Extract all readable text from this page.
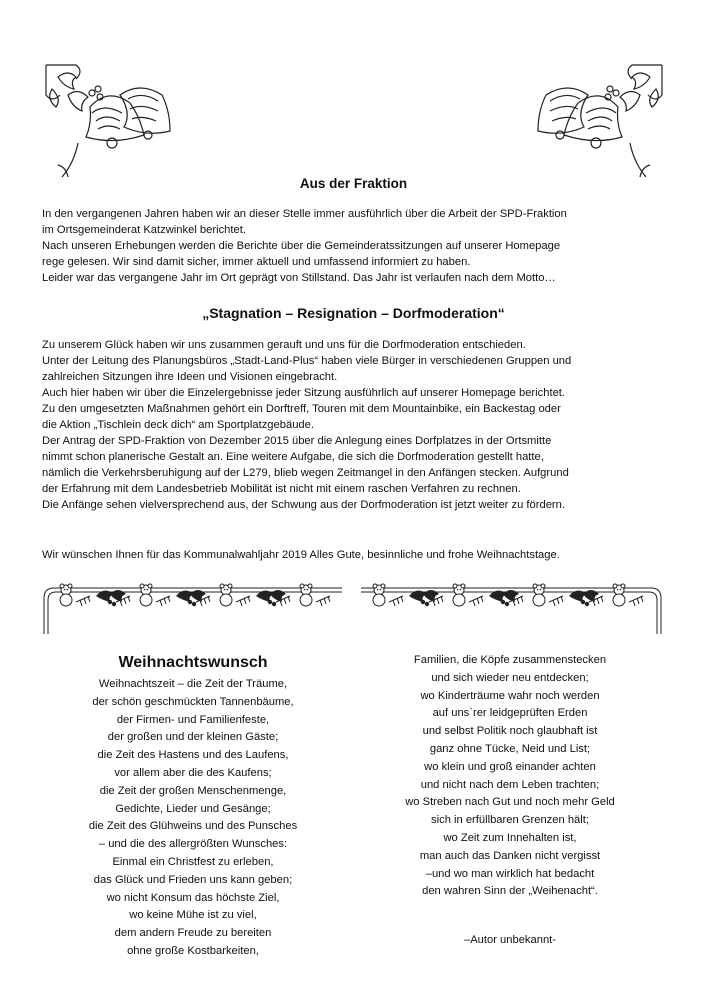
Aus der Fraktion
In den vergangenen Jahren haben wir an dieser Stelle immer ausführlich über die Arbeit der SPD-Fraktion
im Ortsgemeinderat Katzwinkel berichtet.
Nach unseren Erhebungen werden die Berichte über die Gemeinderatssitzungen auf unserer Homepage
rege gelesen. Wir sind damit sicher, immer aktuell und umfassend informiert zu haben.
Leider war das vergangene Jahr im Ort geprägt von Stillstand. Das Jahr ist verlaufen nach dem Motto…
„Stagnation – Resignation – Dorfmoderation“
Zu unserem Glück haben wir uns zusammen gerauft und uns für die Dorfmoderation entschieden.
Unter der Leitung des Planungsbüros „Stadt-Land-Plus“ haben viele Bürger in verschiedenen Gruppen und
zahlreichen Sitzungen ihre Ideen und Visionen eingebracht.
Auch hier haben wir über die Einzelergebnisse jeder Sitzung ausführlich auf unserer Homepage berichtet.
Zu den umgesetzten Maßnahmen gehört ein Dorftreff, Touren mit dem Mountainbike, ein Backestag oder
die Aktion „Tischlein deck dich“ am Sportplatzgebäude.
Der Antrag der SPD-Fraktion von Dezember 2015 über die Anlegung eines Dorfplatzes in der Ortsmitte
nimmt schon planerische Gestalt an. Eine weitere Aufgabe, die sich die Dorfmoderation gestellt hatte,
nämlich die Verkehrsberuhigung auf der L279, blieb wegen Zeitmangel in den Anfängen stecken. Aufgrund
der Erfahrung mit dem Landesbetrieb Mobilität ist nicht mit einem raschen Verfahren zu rechnen.
Die Anfänge sehen vielversprechend aus, der Schwung aus der Dorfmoderation ist jetzt weiter zu fördern.
Wir wünschen Ihnen für das Kommunalwahljahr 2019 Alles Gute, besinnliche und frohe Weihnachtstage.
Weihnachtswunsch
Weihnachtszeit – die Zeit der Träume,
der schön geschmückten Tannenbäume,
der Firmen- und Familienfeste,
der großen und der kleinen Gäste;
die Zeit des Hastens und des Laufens,
vor allem aber die des Kaufens;
die Zeit der großen Menschenmenge,
Gedichte, Lieder und Gesänge;
die Zeit des Glühweins und des Punsches
– und die des allergrößten Wunsches:
Einmal ein Christfest zu erleben,
das Glück und Frieden uns kann geben;
wo nicht Konsum das höchste Ziel,
wo keine Mühe ist zu viel,
dem andern Freude zu bereiten
ohne große Kostbarkeiten,
Familien, die Köpfe zusammenstecken
und sich wieder neu entdecken;
wo Kinderträume wahr noch werden
auf uns`rer leidgeprüften Erden
und selbst Politik noch glaubhaft ist
ganz ohne Tücke, Neid und List;
wo klein und groß einander achten
und nicht nach dem Leben trachten;
wo Streben nach Gut und noch mehr Geld
sich in erfüllbaren Grenzen hält;
wo Zeit zum Innehalten ist,
man auch das Danken nicht vergisst
–und wo man wirklich hat bedacht
den wahren Sinn der „Weihenacht“.
–Autor unbekannt-
